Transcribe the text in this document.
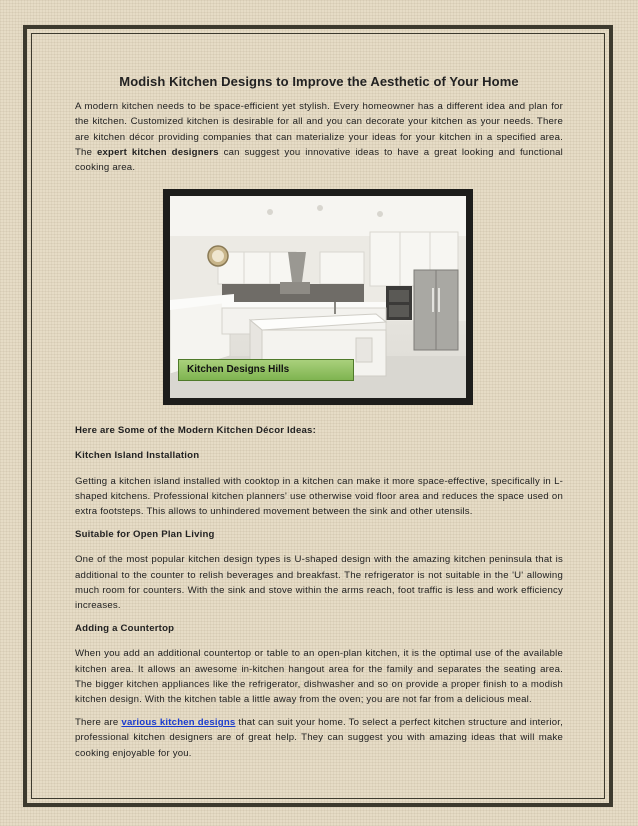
Modish Kitchen Designs to Improve the Aesthetic of Your Home

A modern kitchen needs to be space-efficient yet stylish. Every homeowner has a different idea and plan for the kitchen. Customized kitchen is desirable for all and you can decorate your kitchen as your needs. There are kitchen décor providing companies that can materialize your ideas for your kitchen in a specified area. The expert kitchen designers can suggest you innovative ideas to have a great looking and functional cooking area.

Kitchen Designs Hills

Here are Some of the Modern Kitchen Décor Ideas:

Kitchen Island Installation

Getting a kitchen island installed with cooktop in a kitchen can make it more space-effective, specifically in L-shaped kitchens. Professional kitchen planners' use otherwise void floor area and reduces the space used on extra footsteps. This allows to unhindered movement between the sink and other utensils.

Suitable for Open Plan Living

One of the most popular kitchen design types is U-shaped design with the amazing kitchen peninsula that is additional to the counter to relish beverages and breakfast. The refrigerator is not suitable in the 'U' allowing much room for counters. With the sink and stove within the arms reach, foot traffic is less and work efficiency increases.

Adding a Countertop

When you add an additional countertop or table to an open-plan kitchen, it is the optimal use of the available kitchen area. It allows an awesome in-kitchen hangout area for the family and separates the seating area. The bigger kitchen appliances like the refrigerator, dishwasher and so on provide a proper finish to a modish kitchen design. With the kitchen table a little away from the oven; you are not far from a delicious meal.

There are various kitchen designs that can suit your home. To select a perfect kitchen structure and interior, professional kitchen designers are of great help. They can suggest you with amazing ideas that will make cooking enjoyable for you.
